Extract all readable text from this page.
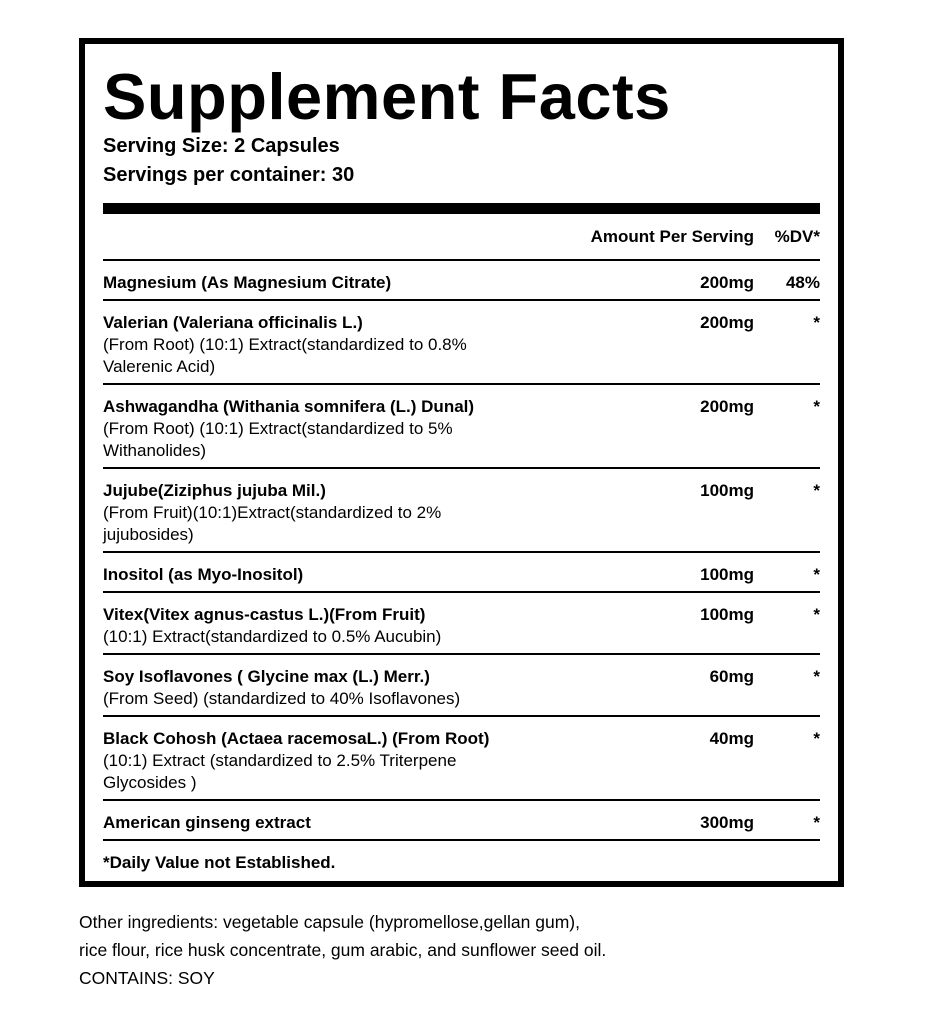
Supplement Facts
Serving Size: 2 Capsules
Servings per container: 30
Amount Per Serving	%DV*
Magnesium (As Magnesium Citrate)	200mg	48%
Valerian (Valeriana officinalis L.)
(From Root) (10:1) Extract(standardized to 0.8%
Valerenic Acid)
200mg	*
Ashwagandha (Withania somnifera (L.) Dunal)
(From Root) (10:1) Extract(standardized to 5%
Withanolides)
200mg	*
Jujube(Ziziphus jujuba Mil.)
(From Fruit)(10:1)Extract(standardized to 2%
jujubosides)
100mg	*
Inositol (as Myo-Inositol)	100mg	*
Vitex(Vitex agnus-castus L.)(From Fruit)
(10:1) Extract(standardized to 0.5% Aucubin)
100mg	*
Soy Isoflavones ( Glycine max (L.) Merr.)
(From Seed) (standardized to 40% Isoflavones)
60mg	*
Black Cohosh (Actaea racemosaL.) (From Root)
(10:1) Extract (standardized to 2.5% Triterpene
Glycosides )
40mg	*
American ginseng extract	300mg	*
*Daily Value not Established.
Other ingredients: vegetable capsule (hypromellose,gellan gum),
rice flour, rice husk concentrate, gum arabic, and sunflower seed oil.
CONTAINS: SOY
